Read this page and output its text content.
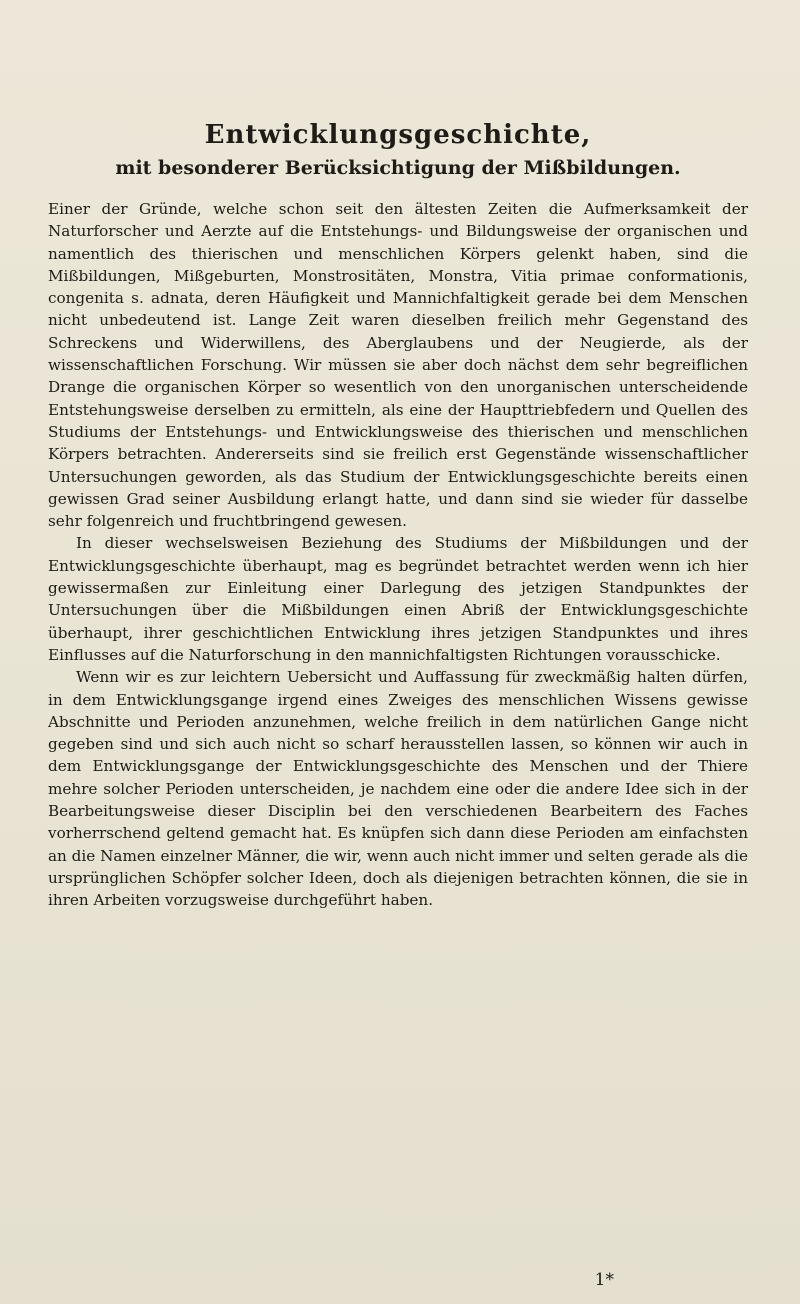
Entwicklungsgeschichte,
mit besonderer Berücksichtigung der Mißbildungen.

Einer der Gründe, welche schon seit den ältesten Zeiten die Aufmerksamkeit der Naturforscher und Aerzte auf die Entstehungs- und Bildungsweise der organischen und namentlich des thierischen und menschlichen Körpers gelenkt haben, sind die Mißbildungen, Mißgeburten, Monstrositäten, Monstra, Vitia primae conformationis, congenita s. adnata, deren Häufigkeit und Mannichfaltigkeit gerade bei dem Menschen nicht unbedeutend ist. Lange Zeit waren dieselben freilich mehr Gegenstand des Schreckens und Widerwillens, des Aberglaubens und der Neugierde, als der wissenschaftlichen Forschung. Wir müssen sie aber doch nächst dem sehr begreiflichen Drange die organischen Körper so wesentlich von den unorganischen unterscheidende Entstehungsweise derselben zu ermitteln, als eine der Haupttriebfedern und Quellen des Studiums der Entstehungs- und Entwicklungsweise des thierischen und menschlichen Körpers betrachten. Andererseits sind sie freilich erst Gegenstände wissenschaftlicher Untersuchungen geworden, als das Studium der Entwicklungsgeschichte bereits einen gewissen Grad seiner Ausbildung erlangt hatte, und dann sind sie wieder für dasselbe sehr folgenreich und fruchtbringend gewesen.

In dieser wechselsweisen Beziehung des Studiums der Mißbildungen und der Entwicklungsgeschichte überhaupt, mag es begründet betrachtet werden wenn ich hier gewissermaßen zur Einleitung einer Darlegung des jetzigen Standpunktes der Untersuchungen über die Mißbildungen einen Abriß der Entwicklungsgeschichte überhaupt, ihrer geschichtlichen Entwicklung ihres jetzigen Standpunktes und ihres Einflusses auf die Naturforschung in den mannichfaltigsten Richtungen vorausschicke.

Wenn wir es zur leichtern Uebersicht und Auffassung für zweckmäßig halten dürfen, in dem Entwicklungsgange irgend eines Zweiges des menschlichen Wissens gewisse Abschnitte und Perioden anzunehmen, welche freilich in dem natürlichen Gange nicht gegeben sind und sich auch nicht so scharf herausstellen lassen, so können wir auch in dem Entwicklungsgange der Entwicklungsgeschichte des Menschen und der Thiere mehre solcher Perioden unterscheiden, je nachdem eine oder die andere Idee sich in der Bearbeitungsweise dieser Disciplin bei den verschiedenen Bearbeitern des Faches vorherrschend geltend gemacht hat. Es knüpfen sich dann diese Perioden am einfachsten an die Namen einzelner Männer, die wir, wenn auch nicht immer und selten gerade als die ursprünglichen Schöpfer solcher Ideen, doch als diejenigen betrachten können, die sie in ihren Arbeiten vorzugsweise durchgeführt haben.

1*
